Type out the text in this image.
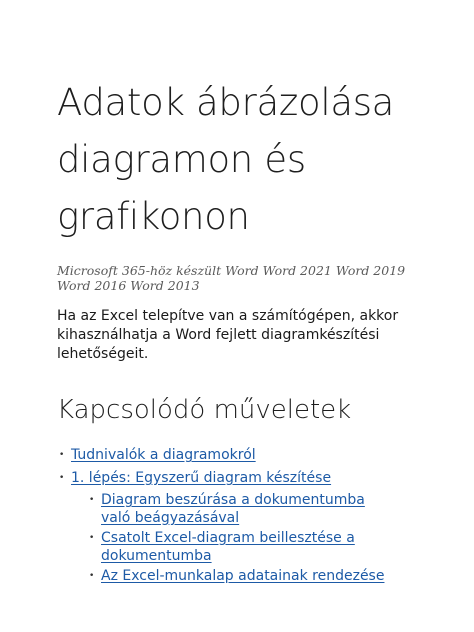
Adatok ábrázolása
diagramon és
grafikonon

Microsoft 365-höz készült Word Word 2021 Word 2019 Word 2016 Word 2013

Ha az Excel telepítve van a számítógépen, akkor kihasználhatja a Word fejlett diagramkészítési lehetőségeit.

Kapcsolódó műveletek
• Tudnivalók a diagramokról
• 1. lépés: Egyszerű diagram készítése
• Diagram beszúrása a dokumentumba való beágyazásával
• Csatolt Excel-diagram beillesztése a dokumentumba
• Az Excel-munkalap adatainak rendezése
